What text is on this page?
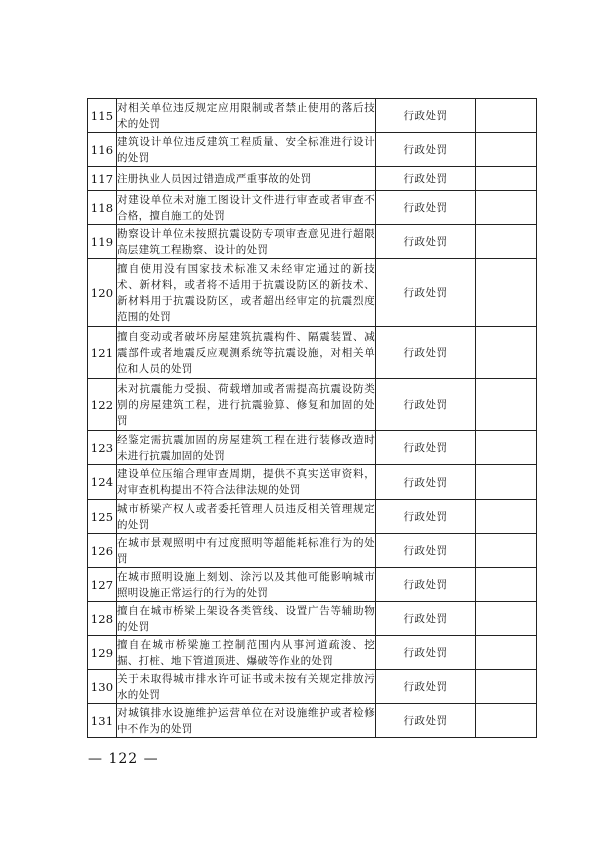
115	对相关单位违反规定应用限制或者禁止使用的落后技术的处罚	行政处罚	
116	建筑设计单位违反建筑工程质量、安全标准进行设计的处罚	行政处罚	
117	注册执业人员因过错造成严重事故的处罚	行政处罚	
118	对建设单位未对施工图设计文件进行审查或者审查不合格，擅自施工的处罚	行政处罚	
119	勘察设计单位未按照抗震设防专项审查意见进行超限高层建筑工程勘察、设计的处罚	行政处罚	
120	擅自使用没有国家技术标准又未经审定通过的新技术、新材料，或者将不适用于抗震设防区的新技术、新材料用于抗震设防区，或者超出经审定的抗震烈度范围的处罚	行政处罚	
121	擅自变动或者破坏房屋建筑抗震构件、隔震装置、减震部件或者地震反应观测系统等抗震设施，对相关单位和人员的处罚	行政处罚	
122	未对抗震能力受损、荷载增加或者需提高抗震设防类别的房屋建筑工程，进行抗震验算、修复和加固的处罚	行政处罚	
123	经鉴定需抗震加固的房屋建筑工程在进行装修改造时未进行抗震加固的处罚	行政处罚	
124	建设单位压缩合理审查周期，提供不真实送审资料，对审查机构提出不符合法律法规的处罚	行政处罚	
125	城市桥梁产权人或者委托管理人员违反相关管理规定的处罚	行政处罚	
126	在城市景观照明中有过度照明等超能耗标准行为的处罚	行政处罚	
127	在城市照明设施上刻划、涂污以及其他可能影响城市照明设施正常运行的行为的处罚	行政处罚	
128	擅自在城市桥梁上架设各类管线、设置广告等辅助物的处罚	行政处罚	
129	擅自在城市桥梁施工控制范围内从事河道疏浚、挖掘、打桩、地下管道顶进、爆破等作业的处罚	行政处罚	
130	关于未取得城市排水许可证书或未按有关规定排放污水的处罚	行政处罚	
131	对城镇排水设施维护运营单位在对设施维护或者检修中不作为的处罚	行政处罚	
— 122 —
